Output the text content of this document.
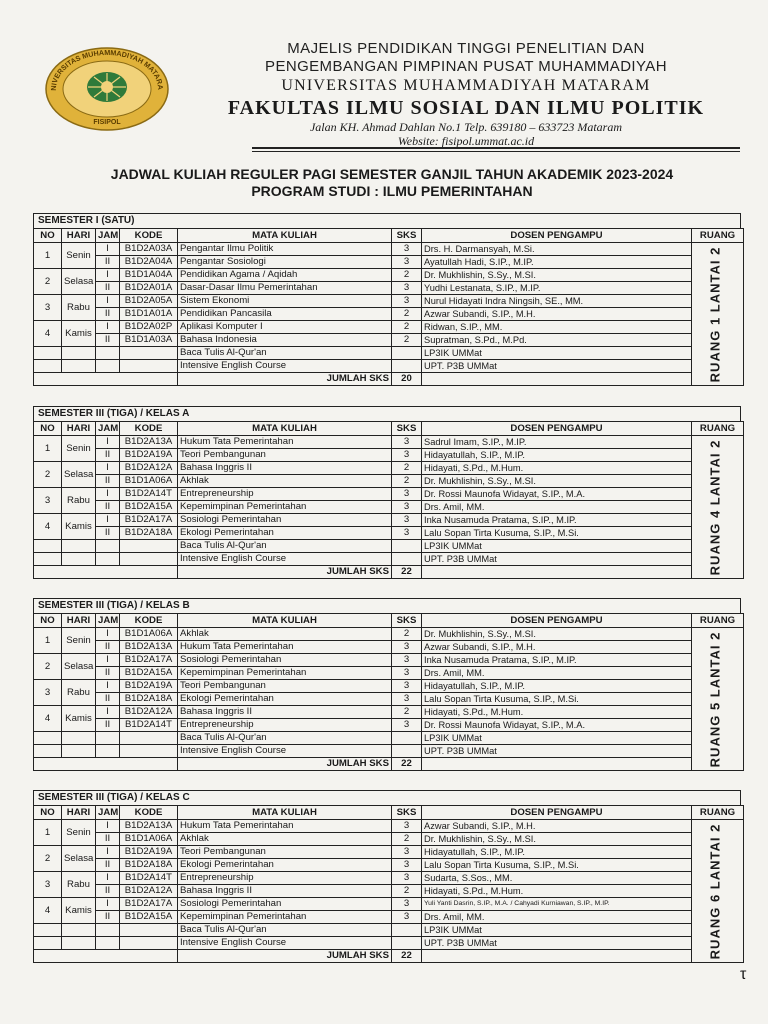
NIVERSITAS MUHAMMADIYAH MATARA
FISIPOL
MAJELIS PENDIDIKAN TINGGI PENELITIAN DAN
PENGEMBANGAN PIMPINAN PUSAT MUHAMMADIYAH
UNIVERSITAS MUHAMMADIYAH MATARAM
FAKULTAS ILMU SOSIAL DAN ILMU POLITIK
Jalan KH. Ahmad Dahlan No.1 Telp. 639180 – 633723 Mataram
Website: fisipol.ummat.ac.id
JADWAL KULIAH REGULER PAGI SEMESTER GANJIL TAHUN AKADEMIK 2023-2024
PROGRAM STUDI : ILMU PEMERINTAHAN
SEMESTER I (SATU)
NO	HARI	JAM	KODE	MATA KULIAH	SKS	DOSEN PENGAMPU	RUANG
1	Senin	I	B1D2A03A	Pengantar Ilmu Politik	3	Drs. H. Darmansyah, M.Si.	
		II	B1D2A04A	Pengantar Sosiologi	3	Ayatullah Hadi, S.IP., M.IP.	
2	Selasa	I	B1D1A04A	Pendidikan Agama / Aqidah	2	Dr. Mukhlishin, S.Sy., M.SI.	
		II	B1D2A01A	Dasar-Dasar Ilmu Pemerintahan	3	Yudhi Lestanata, S.IP., M.IP.	
3	Rabu	I	B1D2A05A	Sistem Ekonomi	3	Nurul Hidayati Indra Ningsih, SE., MM.	
		II	B1D1A01A	Pendidikan Pancasila	2	Azwar Subandi, S.IP., M.H.	
4	Kamis	I	B1D2A02P	Aplikasi Komputer I	2	Ridwan, S.IP., MM.	
		II	B1D1A03A	Bahasa Indonesia	2	Supratman, S.Pd., M.Pd.	
				Baca Tulis Al-Qur'an		LP3IK UMMat	
				Intensive English Course		UPT. P3B UMMat	
				JUMLAH SKS	20			RUANG 1 LANTAI 2
SEMESTER III (TIGA) / KELAS A
NO	HARI	JAM	KODE	MATA KULIAH	SKS	DOSEN PENGAMPU	RUANG
1	Senin	I	B1D2A13A	Hukum Tata Pemerintahan	3	Sadrul Imam, S.IP., M.IP.	
		II	B1D2A19A	Teori Pembangunan	3	Hidayatullah, S.IP., M.IP.	
2	Selasa	I	B1D2A12A	Bahasa Inggris II	2	Hidayati, S.Pd., M.Hum.	
		II	B1D1A06A	Akhlak	2	Dr. Mukhlishin, S.Sy., M.SI.	
3	Rabu	I	B1D2A14T	Entrepreneurship	3	Dr. Rossi Maunofa Widayat, S.IP., M.A.	
		II	B1D2A15A	Kepemimpinan Pemerintahan	3	Drs. Amil, MM.	
4	Kamis	I	B1D2A17A	Sosiologi Pemerintahan	3	Inka Nusamuda Pratama, S.IP., M.IP.	
		II	B1D2A18A	Ekologi Pemerintahan	3	Lalu Sopan Tirta Kusuma, S.IP., M.Si.	
				Baca Tulis Al-Qur'an		LP3IK UMMat	
				Intensive English Course		UPT. P3B UMMat	
				JUMLAH SKS	22			RUANG 4 LANTAI 2
SEMESTER III (TIGA) / KELAS B
NO	HARI	JAM	KODE	MATA KULIAH	SKS	DOSEN PENGAMPU	RUANG
1	Senin	I	B1D1A06A	Akhlak	2	Dr. Mukhlishin, S.Sy., M.SI.	
		II	B1D2A13A	Hukum Tata Pemerintahan	3	Azwar Subandi, S.IP., M.H.	
2	Selasa	I	B1D2A17A	Sosiologi Pemerintahan	3	Inka Nusamuda Pratama, S.IP., M.IP.	
		II	B1D2A15A	Kepemimpinan Pemerintahan	3	Drs. Amil, MM.	
3	Rabu	I	B1D2A19A	Teori Pembangunan	3	Hidayatullah, S.IP., M.IP.	
		II	B1D2A18A	Ekologi Pemerintahan	3	Lalu Sopan Tirta Kusuma, S.IP., M.Si.	
4	Kamis	I	B1D2A12A	Bahasa Inggris II	2	Hidayati, S.Pd., M.Hum.	
		II	B1D2A14T	Entrepreneurship	3	Dr. Rossi Maunofa Widayat, S.IP., M.A.	
				Baca Tulis Al-Qur'an		LP3IK UMMat	
				Intensive English Course		UPT. P3B UMMat	
				JUMLAH SKS	22			RUANG 5 LANTAI 2
SEMESTER III (TIGA) / KELAS C
NO	HARI	JAM	KODE	MATA KULIAH	SKS	DOSEN PENGAMPU	RUANG
1	Senin	I	B1D2A13A	Hukum Tata Pemerintahan	3	Azwar Subandi, S.IP., M.H.	
		II	B1D1A06A	Akhlak	2	Dr. Mukhlishin, S.Sy., M.SI.	
2	Selasa	I	B1D2A19A	Teori Pembangunan	3	Hidayatullah, S.IP., M.IP.	
		II	B1D2A18A	Ekologi Pemerintahan	3	Lalu Sopan Tirta Kusuma, S.IP., M.Si.	
3	Rabu	I	B1D2A14T	Entrepreneurship	3	Sudarta, S.Sos., MM.	
		II	B1D2A12A	Bahasa Inggris II	2	Hidayati, S.Pd., M.Hum.	
4	Kamis	I	B1D2A17A	Sosiologi Pemerintahan	3	Yuli Yanti Dasrin, S.IP., M.A. / Cahyadi Kurniawan, S.IP., M.IP.	
		II	B1D2A15A	Kepemimpinan Pemerintahan	3	Drs. Amil, MM.	
				Baca Tulis Al-Qur'an		LP3IK UMMat	
				Intensive English Course		UPT. P3B UMMat	
				JUMLAH SKS	22			RUANG 6 LANTAI 2
τ
